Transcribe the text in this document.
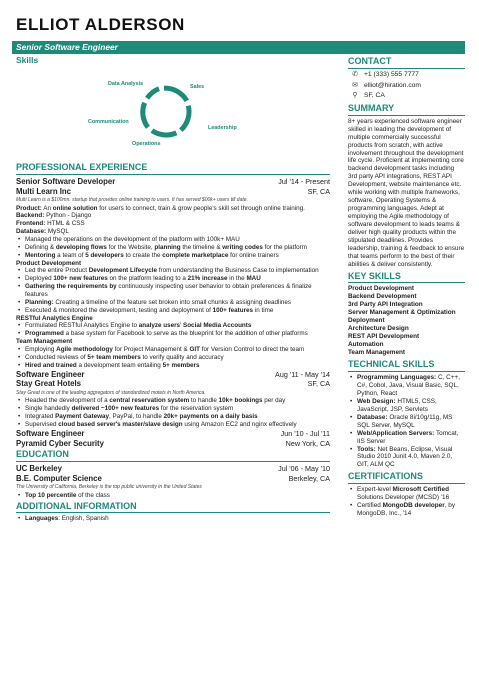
ELLIOT ALDERSON
Senior Software Engineer
Skills
Data Analysis	Sales
Communication
Leadership
Operations
PROFESSIONAL EXPERIENCE
Senior Software Developer	Jul '14 - Present
Multi Learn Inc	SF, CA
Multi Learn is a $100mn. startup that provides online training to users. It has served $00k+ users till date.

Product: An online solution for users to connect, train & grow people's skill set through online training.

Backend: Python - Django

Frontend: HTML & CSS

Database: MySQL

• Managed the operations on the development of the platform with 100k+ MAU
• Defining & developing flows for the Website, planning the timeline & writing codes for the platform
• Mentoring a team of 5 developers to create the complete marketplace for online trainers

Product Development

• Led the entire Product Development Lifecycle from understanding the Business Case to implementation
• Deployed 100+ new features on the platform leading to a 21% increase in the MAU
• Gathering the requirements by continuously inspecting user behavior to obtain preferences & finalize features
• Planning: Creating a timeline of the feature set broken into small chunks & assigning deadlines
• Executed & monitored the development, testing and deployment of 100+ features in time

RESTful Analytics Engine

• Formulated RESTful Analytics Engine to analyze users' Social Media Accounts
• Programmed a base system for Facebook to serve as the blueprint for the addition of other platforms

Team Management

• Employing Agile methodology for Project Management & GIT for Version Control to direct the team
• Conducted reviews of 5+ team members to verify quality and accuracy
• Hired and trained a development team entailing 5+ members
Software Engineer	Aug '11 - May '14
Stay Great Hotels	SF, CA
Stay Great is one of the leading aggregators of standardized motels in North America.
• Headed the development of a central reservation system to handle 10k+ bookings per day
• Single handedly delivered ~100+ new features for the reservation system
• Integrated Payment Gateway, PayPal, to handle 20k+ payments on a daily basis
• Supervised cloud based server's master/slave design using Amazon EC2 and nginx effectively
Software Engineer	Jun '10 - Jul '11
Pyramid Cyber Security	New York, CA
EDUCATION
UC Berkeley	Jul '06 - May '10
B.E. Computer Science	Berkeley, CA
The University of California, Berkeley is the top public university in the United States
• Top 10 percentile of the class
ADDITIONAL INFORMATION
• Languages: English, Spanish
CONTACT
✆ +1 (333) 555 7777
✉ elliot@hiration.com
⚲ SF, CA
SUMMARY
8+ years experienced software engineer skilled in leading the development of multiple commercially successful products from scratch, with active involvement throughout the development life cycle. Proficient at implementing core backend development tasks including 3rd party API integrations, REST API Development, website maintenance etc. while working with multiple frameworks, software, Operating Systems & programming languages. Adept at employing the Agile methodology of software development to leads teams & deliver high quality products within the stipulated deadlines. Provides leadership, training & feedback to ensure that teams perform to the best of their abilities & deliver consistently.
KEY SKILLS
Product Development
Backend Development
3rd Party API Integration
Server Management & Optimization
Deployment
Architecture Design
REST API Development
Automation
Team Management
TECHNICAL SKILLS
• Programming Languages: C, C++, C#, Cobol, Java, Visual Basic, SQL, Python, React
• Web Design: HTML5, CSS, JavaScript, JSP, Servlets
• Database: Oracle 8i/10g/11g, MS SQL Server, MySQL
• Web/Application Servers: Tomcat, IIS Server
• Tools: Net Beans, Eclipse, Visual Studio 2010 Junit 4.0, Maven 2.0, GIT, ALM QC
CERTIFICATIONS
• Expert-level Microsoft Certified Solutions Developer (MCSD) '16
• Certified MongoDB developer, by MongoDB, Inc., '14
